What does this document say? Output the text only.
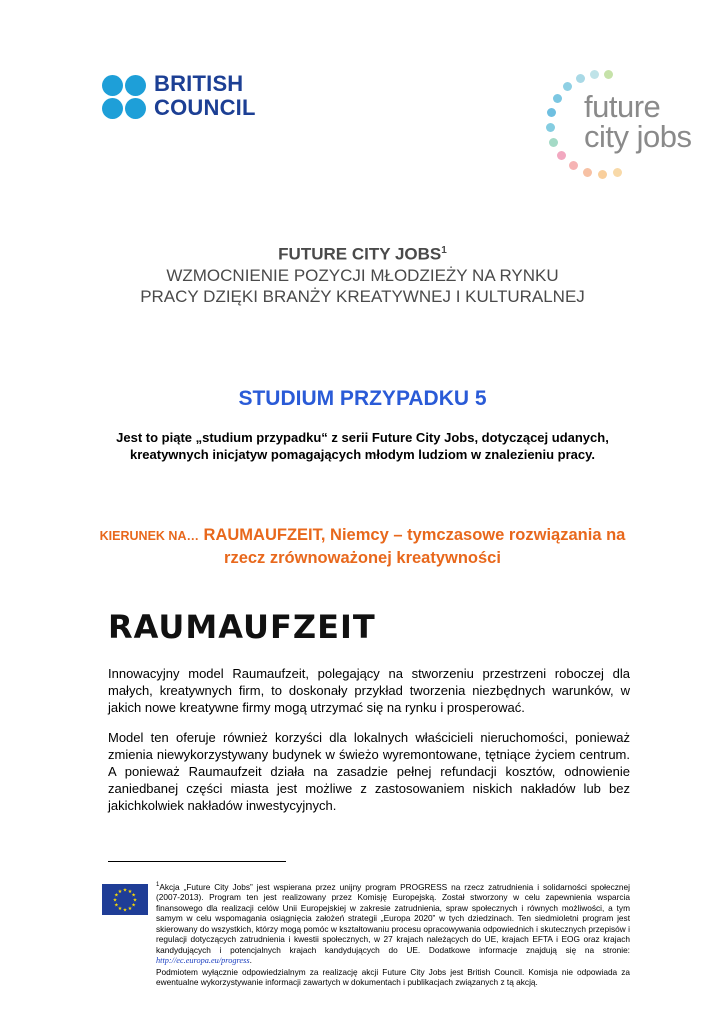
BRITISH
COUNCIL	future
city jobs
FUTURE CITY JOBS$^1$
WZMOCNIENIE POZYCJI MŁODZIEŻY NA RYNKU
PRACY DZIĘKI BRANŻY KREATYWNEJ I KULTURALNEJ
STUDIUM PRZYPADKU 5
Jest to piąte „studium przypadku“ z serii Future City Jobs, dotyczącej udanych, kreatywnych inicjatyw pomagających młodym ludziom w znalezieniu pracy.
KIERUNEK NA… RAUMAUFZEIT, Niemcy – tymczasowe rozwiązania na rzecz zrównoważonej kreatywności
RAUMAUFZEIT
Innowacyjny model Raumaufzeit, polegający na stworzeniu przestrzeni roboczej dla małych, kreatywnych firm, to doskonały przykład tworzenia niezbędnych warunków, w jakich nowe kreatywne firmy mogą utrzymać się na rynku i prosperować.
Model ten oferuje również korzyści dla lokalnych właścicieli nieruchomości, ponieważ zmienia niewykorzystywany budynek w świeżo wyremontowane, tętniące życiem centrum. A ponieważ Raumaufzeit działa na zasadzie pełnej refundacji kosztów, odnowienie zaniedbanej części miasta jest możliwe z zastosowaniem niskich nakładów lub bez jakichkolwiek nakładów inwestycyjnych.
★ ★
★
★
★
★
★
★
★
★
★
★
$^1$Akcja „Future City Jobs” jest wspierana przez unijny program PROGRESS na rzecz zatrudnienia i solidarności społecznej (2007-2013). Program ten jest realizowany przez Komisję Europejską. Został stworzony w celu zapewnienia wsparcia finansowego dla realizacji celów Unii Europejskiej w zakresie zatrudnienia, spraw społecznych i równych możliwości, a tym samym w celu wspomagania osiągnięcia założeń strategii „Europa 2020” w tych dziedzinach. Ten siedmioletni program jest skierowany do wszystkich, którzy mogą pomóc w kształtowaniu procesu opracowywania odpowiednich i skutecznych przepisów i regulacji dotyczących zatrudnienia i kwestii społecznych, w 27 krajach należących do UE, krajach EFTA i EOG oraz krajach kandydujących i potencjalnych krajach kandydujących do UE. Dodatkowe informacje znajdują się na stronie: http://ec.europa.eu/progress.
Podmiotem wyłącznie odpowiedzialnym za realizację akcji Future City Jobs jest British Council. Komisja nie odpowiada za ewentualne wykorzystywanie informacji zawartych w dokumentach i publikacjach związanych z tą akcją.
